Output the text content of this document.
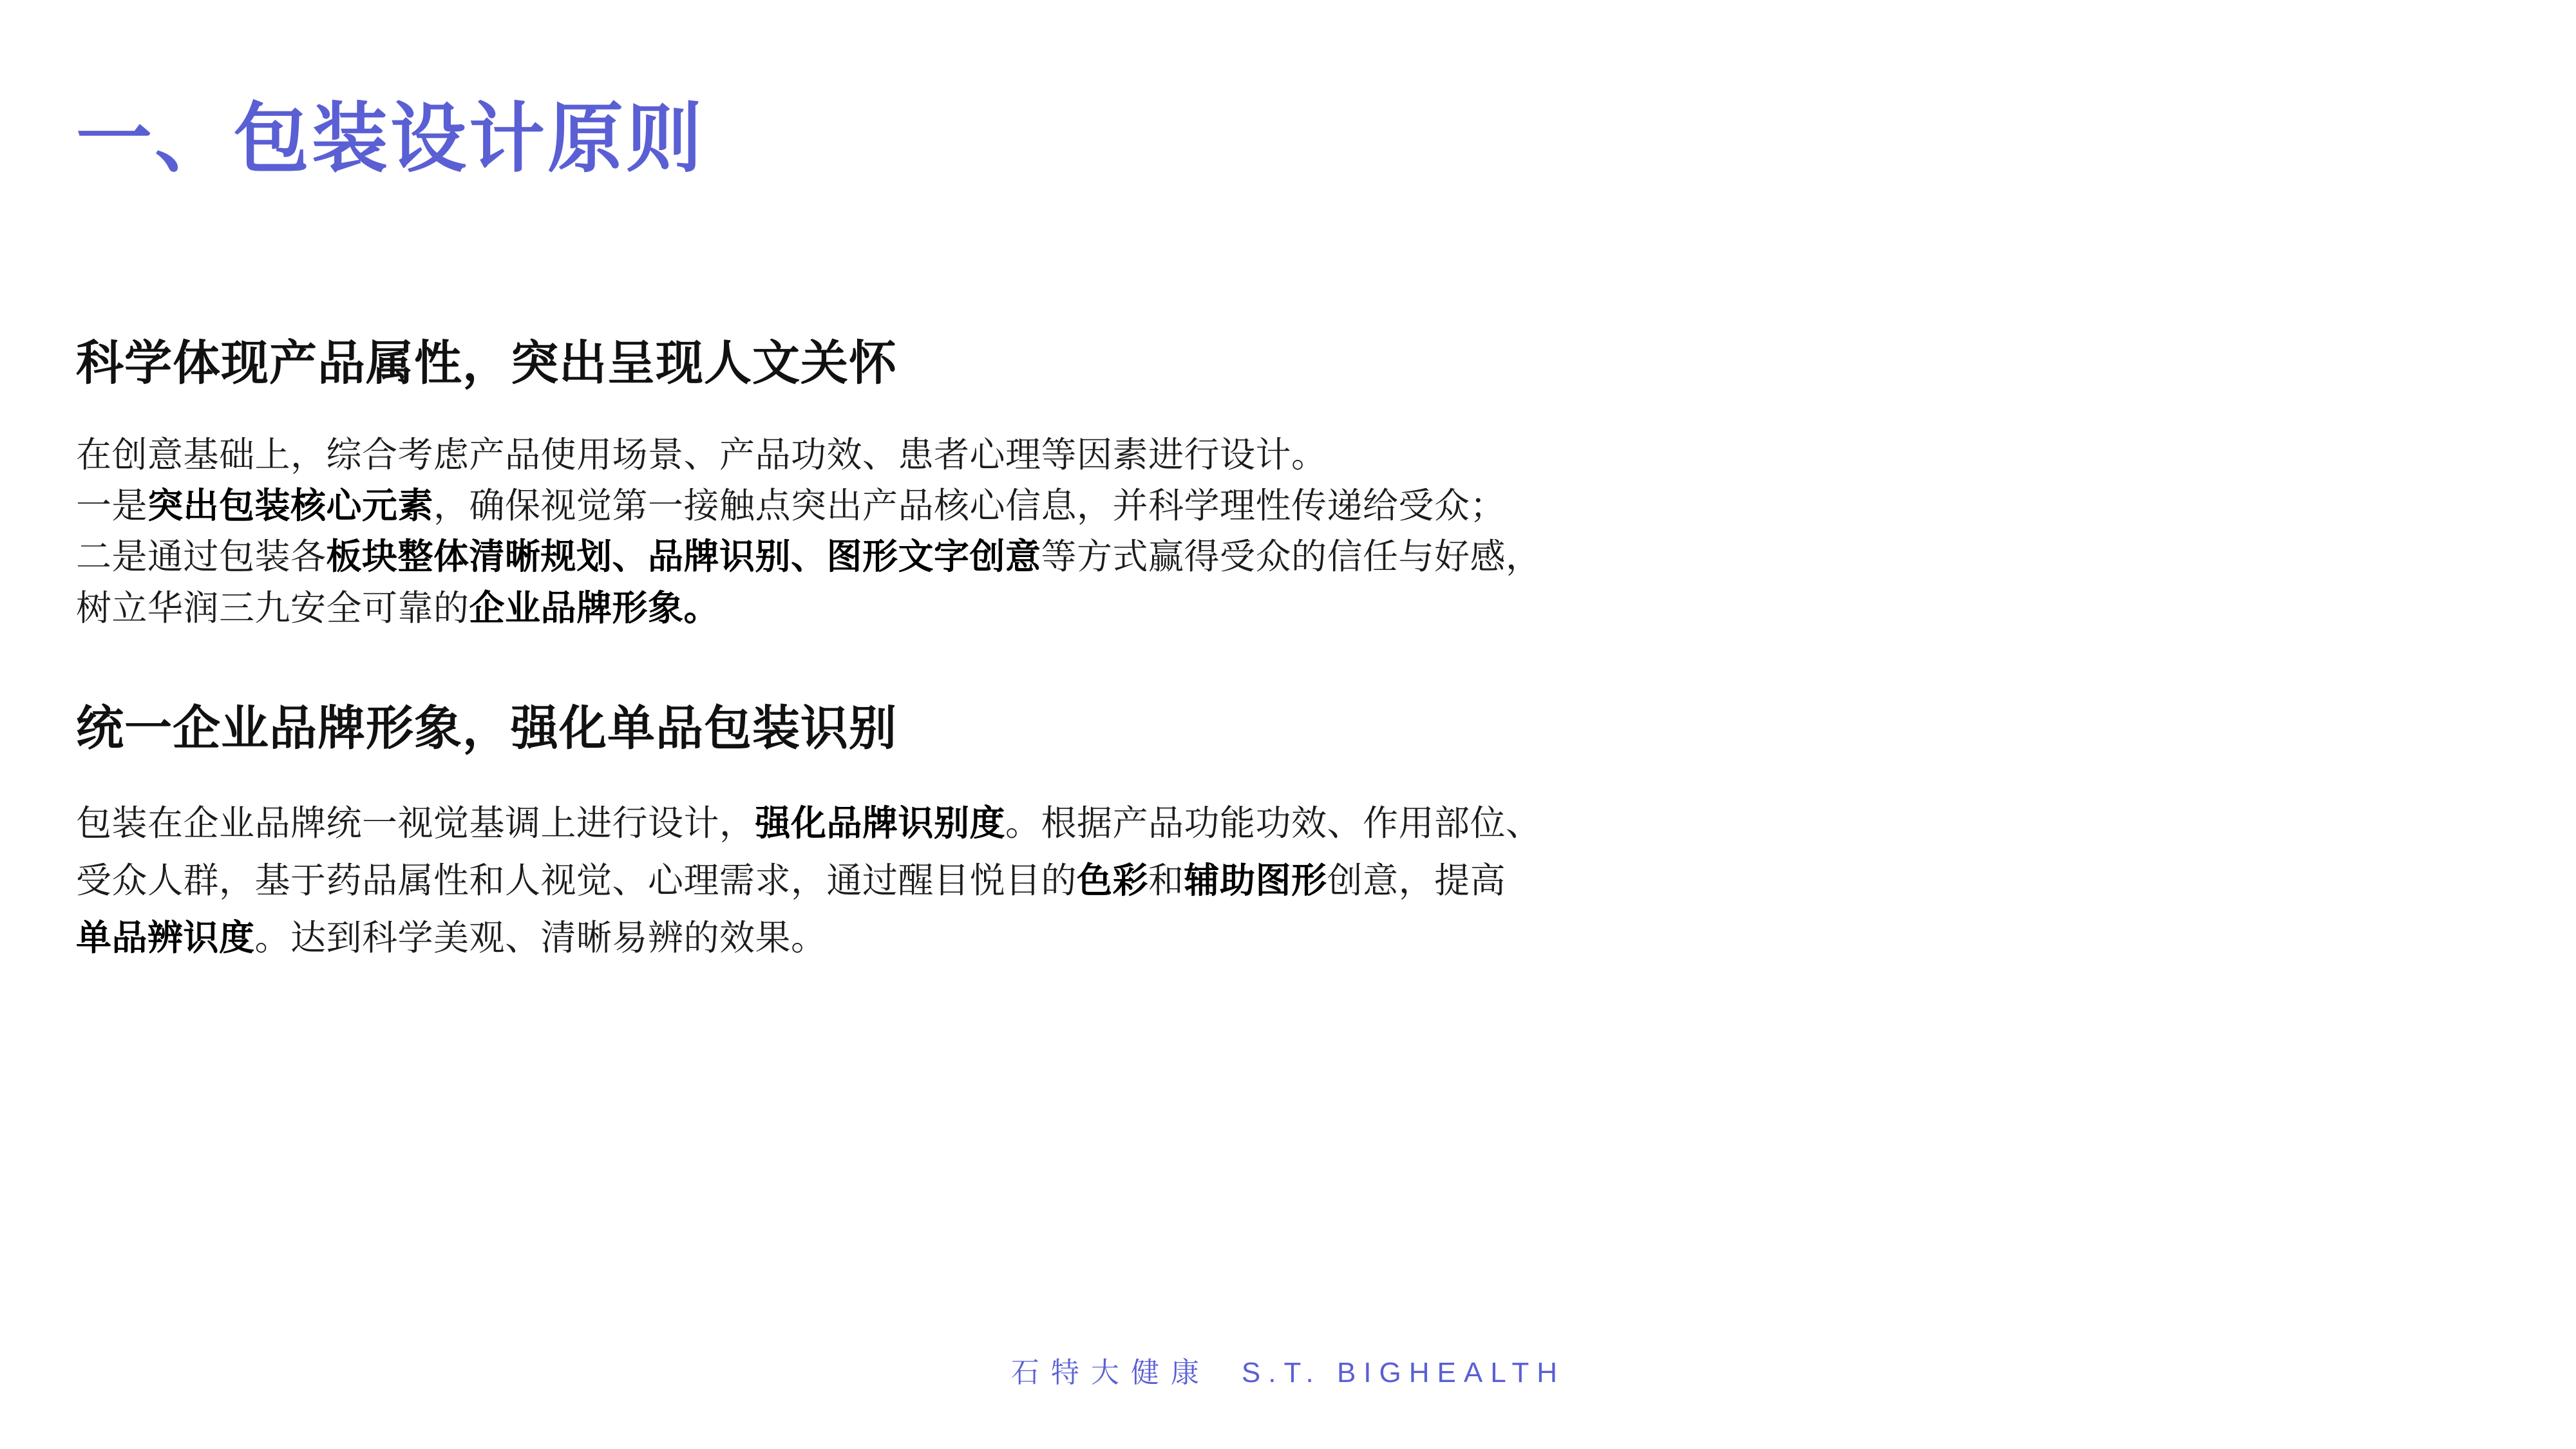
一、包装设计原则
科学体现产品属性，突出呈现人文关怀

在创意基础上，综合考虑产品使用场景、产品功效、患者心理等因素进行设计。
一是突出包装核心元素，确保视觉第一接触点突出产品核心信息，并科学理性传递给受众；
二是通过包装各板块整体清晰规划、品牌识别、图形文字创意等方式赢得受众的信任与好感，
树立华润三九安全可靠的企业品牌形象。

统一企业品牌形象，强化单品包装识别

包装在企业品牌统一视觉基调上进行设计，强化品牌识别度。根据产品功能功效、作用部位、
受众人群，基于药品属性和人视觉、心理需求，通过醒目悦目的色彩和辅助图形创意，提高
单品辨识度。达到科学美观、清晰易辨的效果。

石特大健康 S.T. BIGHEALTH
